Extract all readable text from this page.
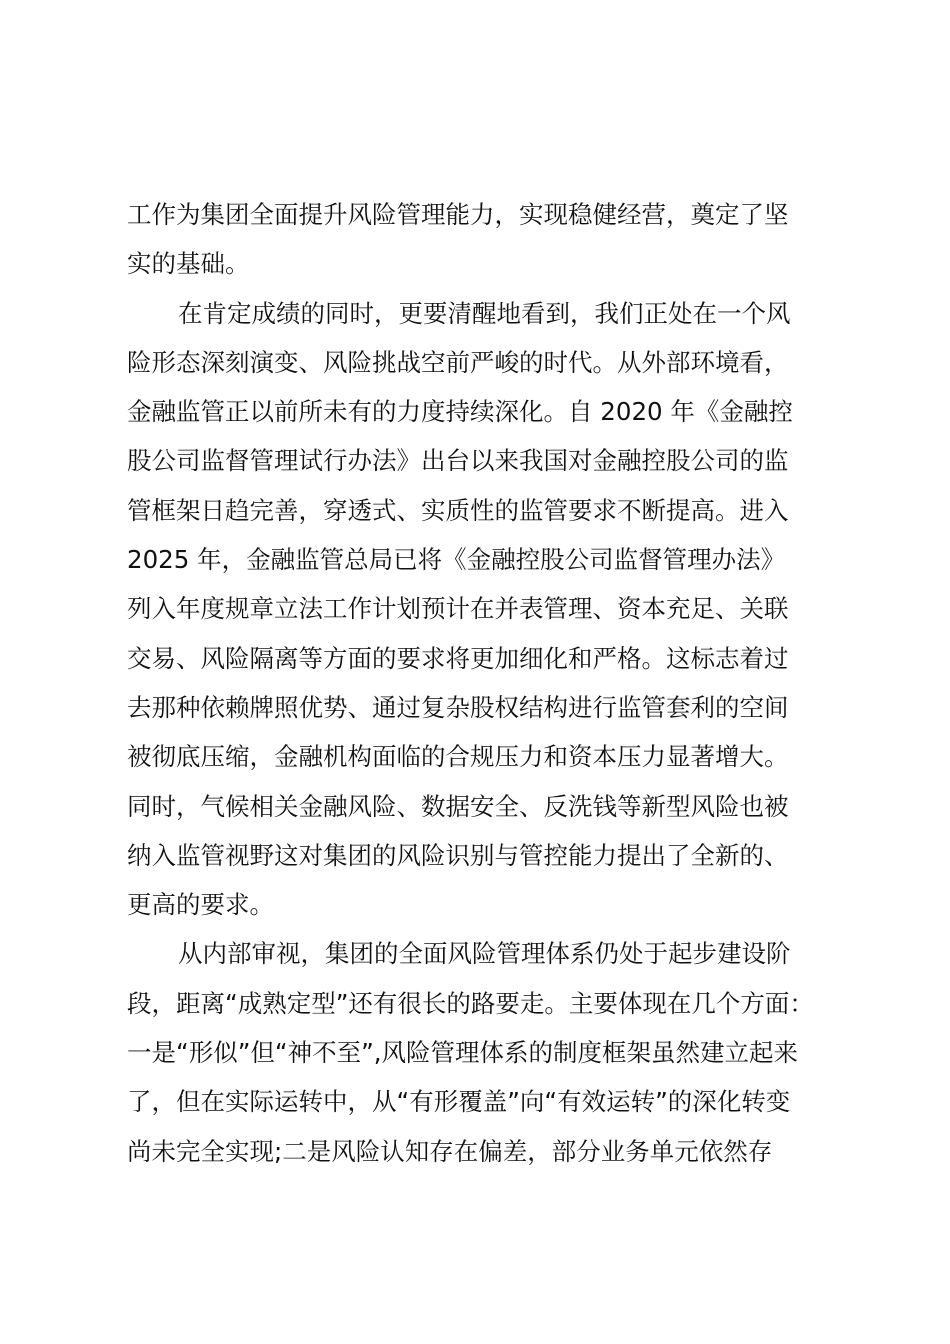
工作为集团全面提升风险管理能力，实现稳健经营，奠定了坚
实的基础。
在肯定成绩的同时，更要清醒地看到，我们正处在一个风
险形态深刻演变、风险挑战空前严峻的时代。从外部环境看，
金融监管正以前所未有的力度持续深化。自 2020 年《金融控
股公司监督管理试行办法》出台以来我国对金融控股公司的监
管框架日趋完善，穿透式、实质性的监管要求不断提高。进入
2025 年，金融监管总局已将《金融控股公司监督管理办法》
列入年度规章立法工作计划预计在并表管理、资本充足、关联
交易、风险隔离等方面的要求将更加细化和严格。这标志着过
去那种依赖牌照优势、通过复杂股权结构进行监管套利的空间
被彻底压缩，金融机构面临的合规压力和资本压力显著增大。
同时，气候相关金融风险、数据安全、反洗钱等新型风险也被
纳入监管视野这对集团的风险识别与管控能力提出了全新的、
更高的要求。
从内部审视，集团的全面风险管理体系仍处于起步建设阶
段，距离“成熟定型”还有很长的路要走。主要体现在几个方面：
一是“形似”但“神不至”,风险管理体系的制度框架虽然建立起来
了，但在实际运转中，从“有形覆盖”向“有效运转”的深化转变
尚未完全实现;二是风险认知存在偏差，部分业务单元依然存
